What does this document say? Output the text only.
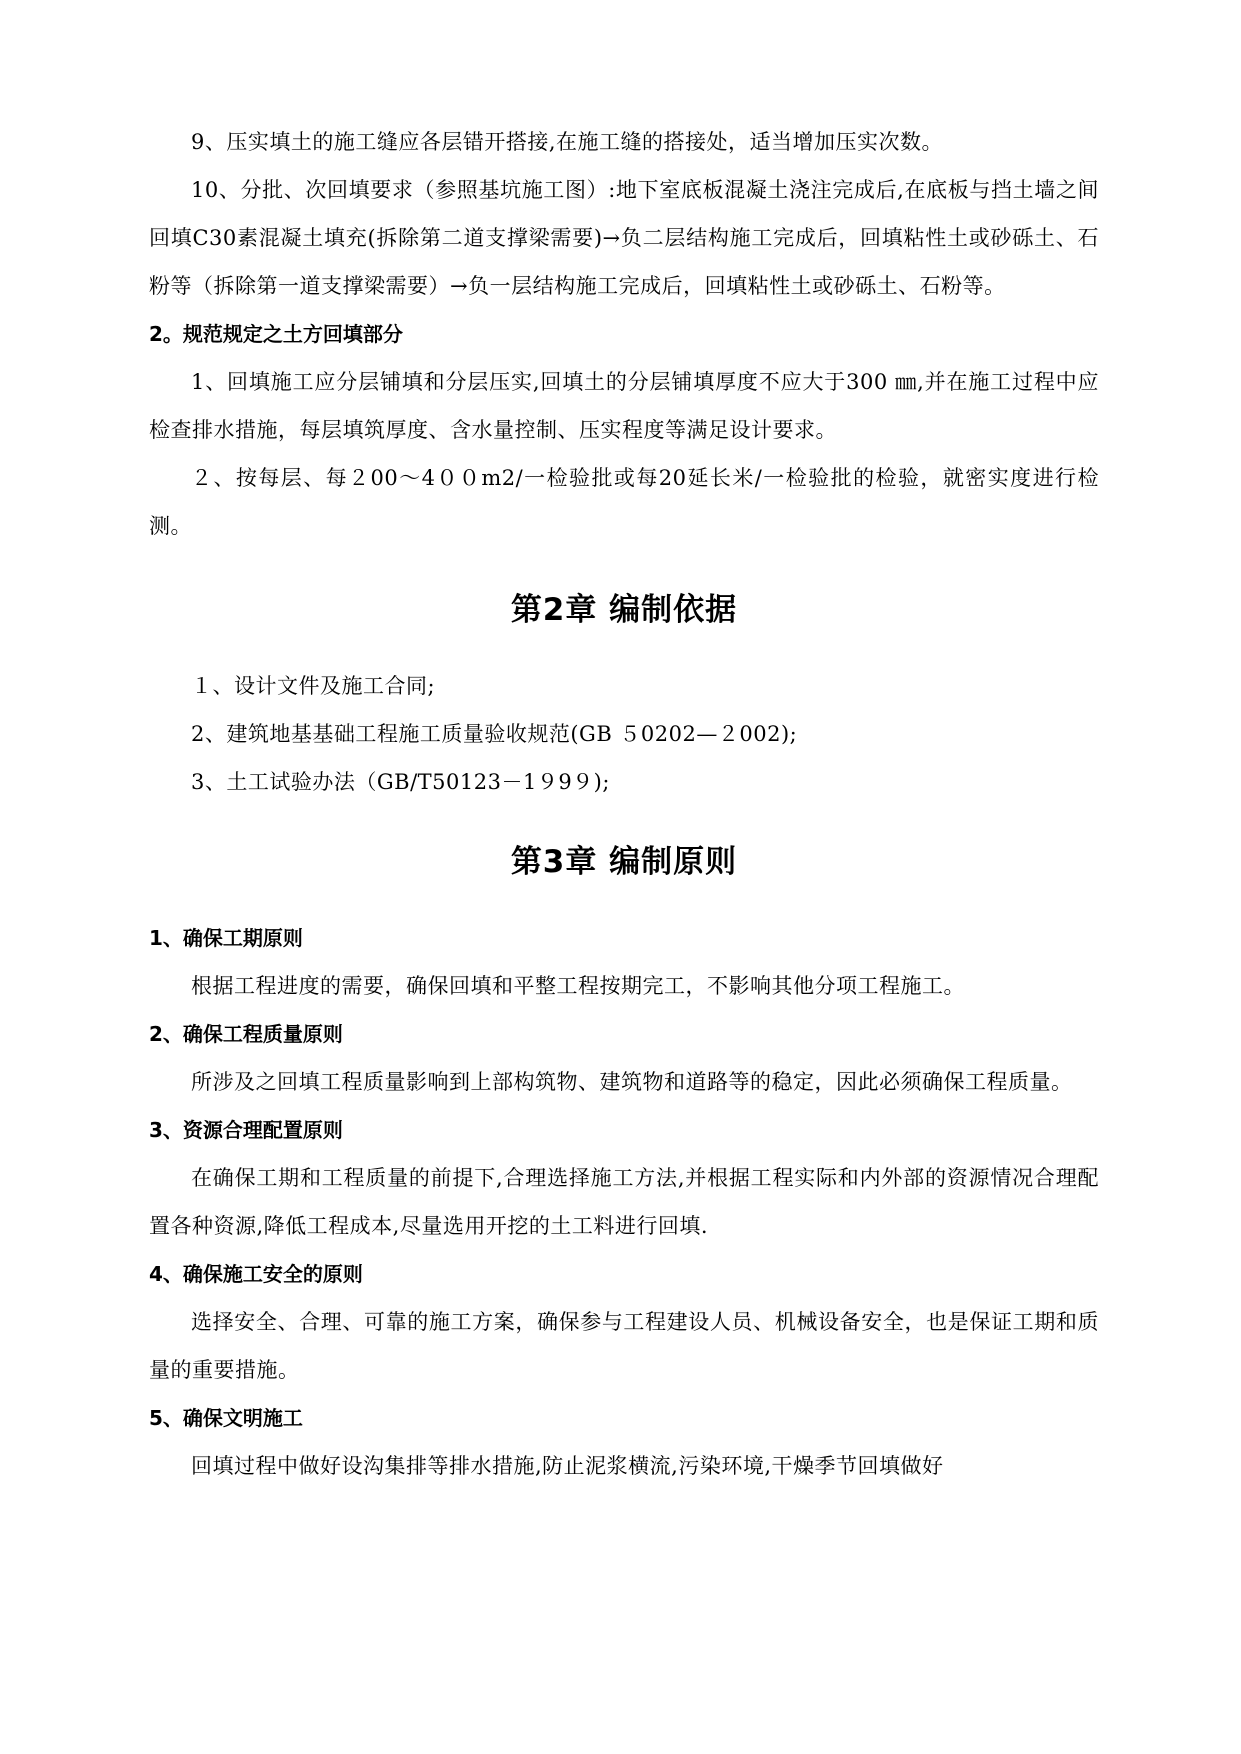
9、压实填土的施工缝应各层错开搭接,在施工缝的搭接处，适当增加压实次数。

10、分批、次回填要求（参照基坑施工图）:地下室底板混凝土浇注完成后,在底板与挡土墙之间回填C30素混凝土填充(拆除第二道支撑梁需要)→负二层结构施工完成后，回填粘性土或砂砾土、石粉等（拆除第一道支撑梁需要）→负一层结构施工完成后，回填粘性土或砂砾土、石粉等。

2。规范规定之土方回填部分

1、回填施工应分层铺填和分层压实,回填土的分层铺填厚度不应大于300 ㎜,并在施工过程中应检查排水措施，每层填筑厚度、含水量控制、压实程度等满足设计要求。

２、按每层、每２00～4００m2/一检验批或每20延长米/一检验批的检验，就密实度进行检测。

第2章 编制依据

１、设计文件及施工合同;

2、建筑地基基础工程施工质量验收规范(GB ５0202—２002);

3、土工试验办法（GB/T50123－1９9９);

第3章 编制原则
1、确保工期原则

根据工程进度的需要，确保回填和平整工程按期完工，不影响其他分项工程施工。

2、确保工程质量原则

所涉及之回填工程质量影响到上部构筑物、建筑物和道路等的稳定，因此必须确保工程质量。

3、资源合理配置原则

在确保工期和工程质量的前提下,合理选择施工方法,并根据工程实际和内外部的资源情况合理配置各种资源,降低工程成本,尽量选用开挖的土工料进行回填.

4、确保施工安全的原则

选择安全、合理、可靠的施工方案，确保参与工程建设人员、机械设备安全，也是保证工期和质量的重要措施。

5、确保文明施工

回填过程中做好设沟集排等排水措施,防止泥浆横流,污染环境,干燥季节回填做好
